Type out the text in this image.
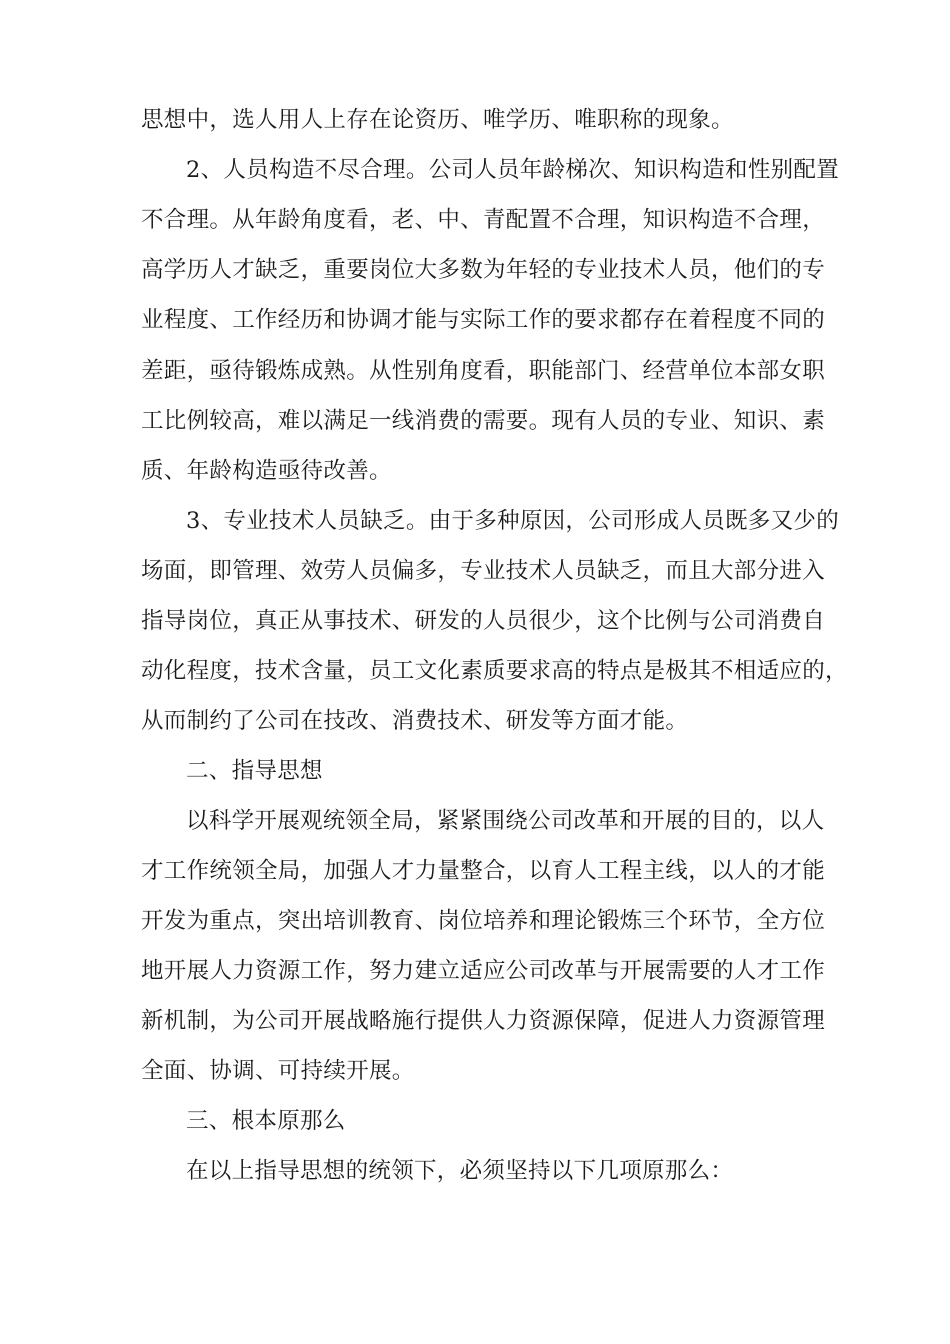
思想中，选人用人上存在论资历、唯学历、唯职称的现象。
2、人员构造不尽合理。公司人员年龄梯次、知识构造和性别配置
不合理。从年龄角度看，老、中、青配置不合理，知识构造不合理，
高学历人才缺乏，重要岗位大多数为年轻的专业技术人员，他们的专
业程度、工作经历和协调才能与实际工作的要求都存在着程度不同的
差距，亟待锻炼成熟。从性别角度看，职能部门、经营单位本部女职
工比例较高，难以满足一线消费的需要。现有人员的专业、知识、素
质、年龄构造亟待改善。
3、专业技术人员缺乏。由于多种原因，公司形成人员既多又少的
场面，即管理、效劳人员偏多，专业技术人员缺乏，而且大部分进入
指导岗位，真正从事技术、研发的人员很少，这个比例与公司消费自
动化程度，技术含量，员工文化素质要求高的特点是极其不相适应的，
从而制约了公司在技改、消费技术、研发等方面才能。
二、指导思想
以科学开展观统领全局，紧紧围绕公司改革和开展的目的，以人
才工作统领全局，加强人才力量整合，以育人工程主线，以人的才能
开发为重点，突出培训教育、岗位培养和理论锻炼三个环节，全方位
地开展人力资源工作，努力建立适应公司改革与开展需要的人才工作
新机制，为公司开展战略施行提供人力资源保障，促进人力资源管理
全面、协调、可持续开展。
三、根本原那么
在以上指导思想的统领下，必须坚持以下几项原那么：
